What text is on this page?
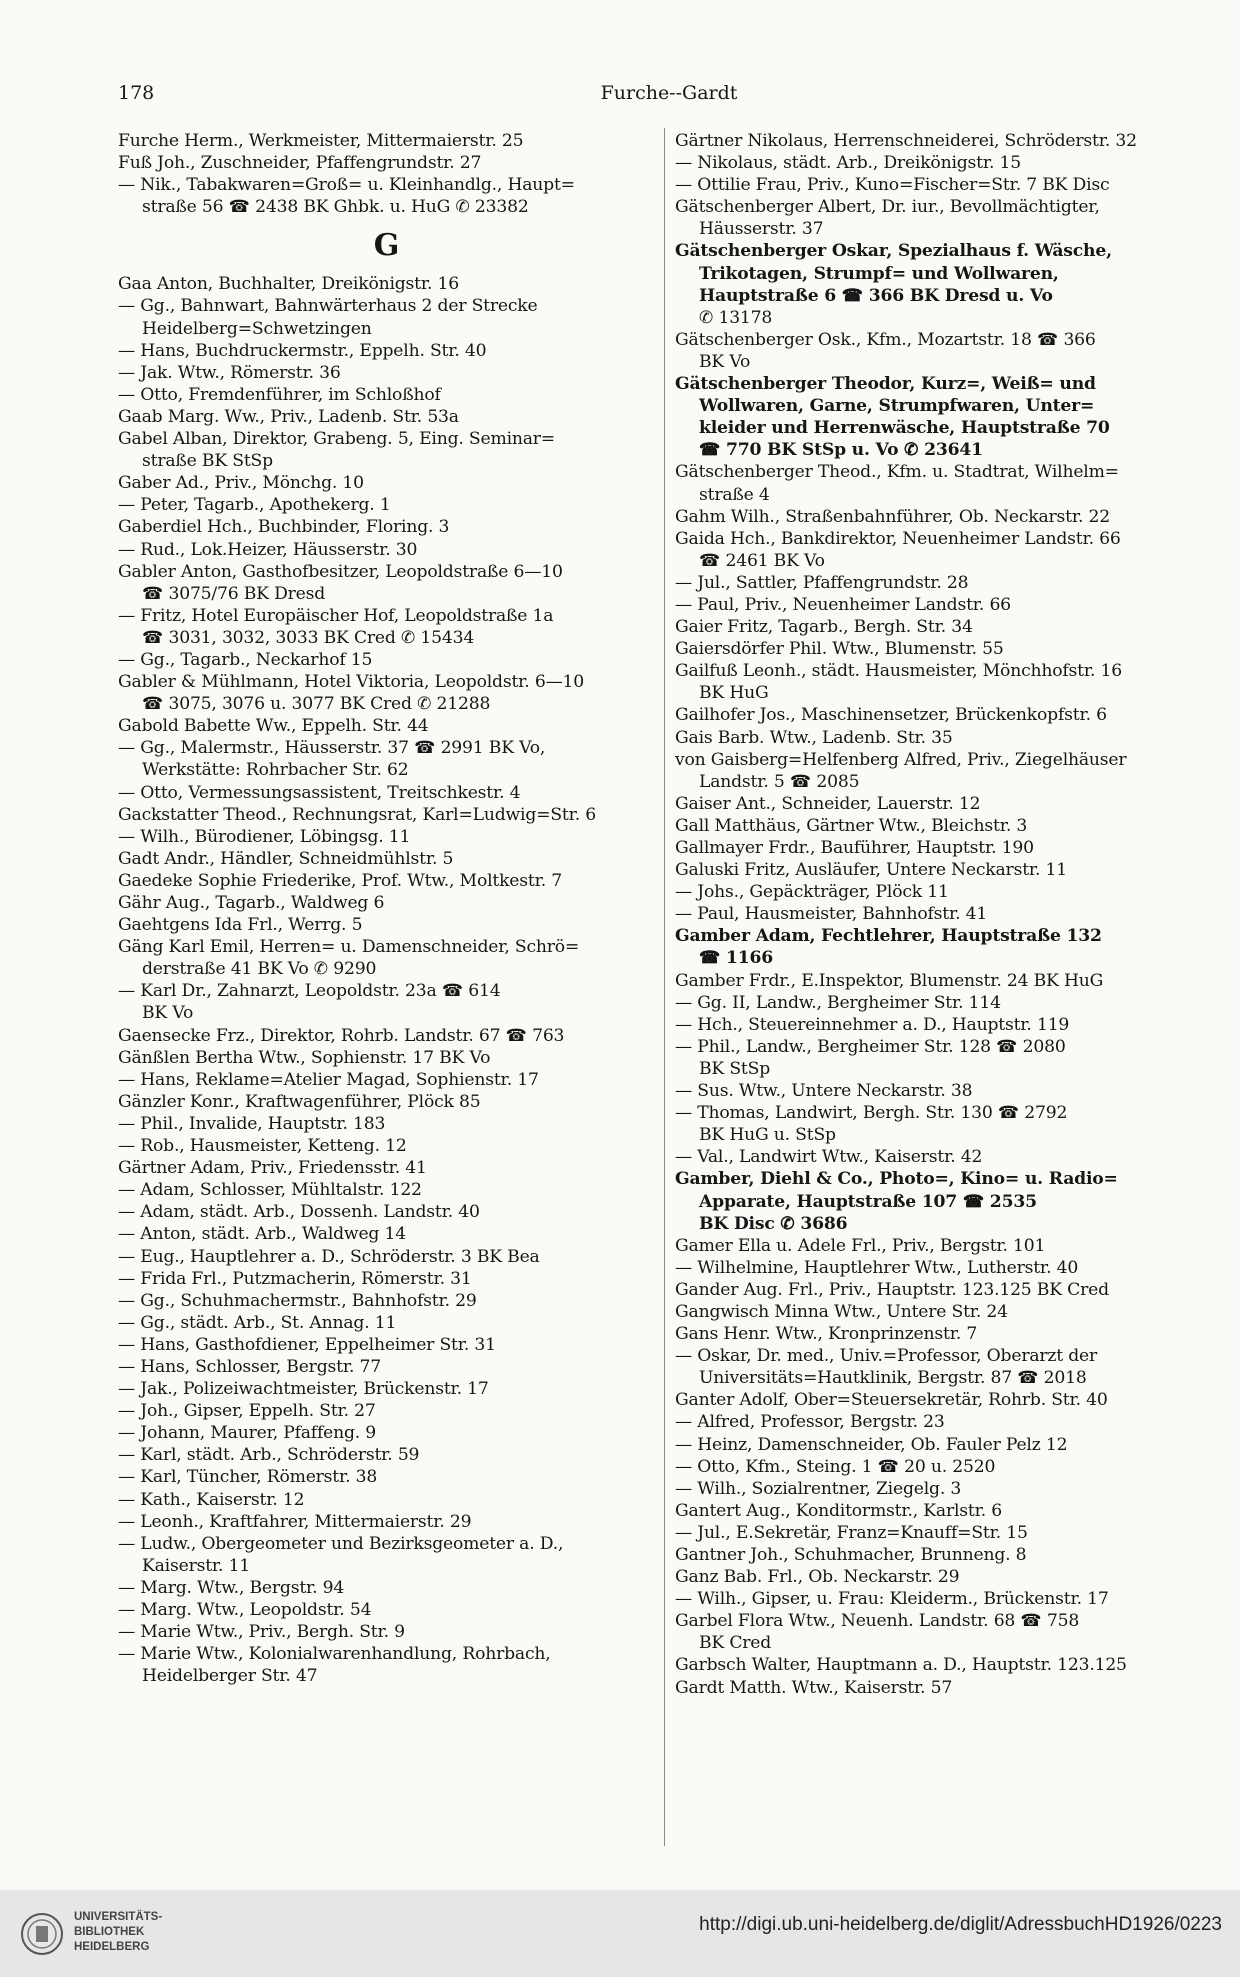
178	Furche--Gardt
Furche Herm., Werkmeister, Mittermaierstr. 25
Fuß Joh., Zuschneider, Pfaffengrundstr. 27
— Nik., Tabakwaren=Groß= u. Kleinhandlg., Haupt=
straße 56 ☎ 2438 BK Ghbk. u. HuG ✆ 23382
G
Gaa Anton, Buchhalter, Dreikönigstr. 16
— Gg., Bahnwart, Bahnwärterhaus 2 der Strecke
Heidelberg=Schwetzingen
— Hans, Buchdruckermstr., Eppelh. Str. 40
— Jak. Wtw., Römerstr. 36
— Otto, Fremdenführer, im Schloßhof
Gaab Marg. Ww., Priv., Ladenb. Str. 53a
Gabel Alban, Direktor, Grabeng. 5, Eing. Seminar=
straße BK StSp
Gaber Ad., Priv., Mönchg. 10
— Peter, Tagarb., Apothekerg. 1
Gaberdiel Hch., Buchbinder, Floring. 3
— Rud., Lok.Heizer, Häusserstr. 30
Gabler Anton, Gasthofbesitzer, Leopoldstraße 6—10
☎ 3075/76 BK Dresd
— Fritz, Hotel Europäischer Hof, Leopoldstraße 1a
☎ 3031, 3032, 3033 BK Cred ✆ 15434
— Gg., Tagarb., Neckarhof 15
Gabler & Mühlmann, Hotel Viktoria, Leopoldstr. 6—10
☎ 3075, 3076 u. 3077 BK Cred ✆ 21288
Gabold Babette Ww., Eppelh. Str. 44
— Gg., Malermstr., Häusserstr. 37 ☎ 2991 BK Vo,
Werkstätte: Rohrbacher Str. 62
— Otto, Vermessungsassistent, Treitschkestr. 4
Gackstatter Theod., Rechnungsrat, Karl=Ludwig=Str. 6
— Wilh., Bürodiener, Löbingsg. 11
Gadt Andr., Händler, Schneidmühlstr. 5
Gaedeke Sophie Friederike, Prof. Wtw., Moltkestr. 7
Gähr Aug., Tagarb., Waldweg 6
Gaehtgens Ida Frl., Werrg. 5
Gäng Karl Emil, Herren= u. Damenschneider, Schrö=
derstraße 41 BK Vo ✆ 9290
— Karl Dr., Zahnarzt, Leopoldstr. 23a ☎ 614
BK Vo
Gaensecke Frz., Direktor, Rohrb. Landstr. 67 ☎ 763
Gänßlen Bertha Wtw., Sophienstr. 17 BK Vo
— Hans, Reklame=Atelier Magad, Sophienstr. 17
Gänzler Konr., Kraftwagenführer, Plöck 85
— Phil., Invalide, Hauptstr. 183
— Rob., Hausmeister, Ketteng. 12
Gärtner Adam, Priv., Friedensstr. 41
— Adam, Schlosser, Mühltalstr. 122
— Adam, städt. Arb., Dossenh. Landstr. 40
— Anton, städt. Arb., Waldweg 14
— Eug., Hauptlehrer a. D., Schröderstr. 3 BK Bea
— Frida Frl., Putzmacherin, Römerstr. 31
— Gg., Schuhmachermstr., Bahnhofstr. 29
— Gg., städt. Arb., St. Annag. 11
— Hans, Gasthofdiener, Eppelheimer Str. 31
— Hans, Schlosser, Bergstr. 77
— Jak., Polizeiwachtmeister, Brückenstr. 17
— Joh., Gipser, Eppelh. Str. 27
— Johann, Maurer, Pfaffeng. 9
— Karl, städt. Arb., Schröderstr. 59
— Karl, Tüncher, Römerstr. 38
— Kath., Kaiserstr. 12
— Leonh., Kraftfahrer, Mittermaierstr. 29
— Ludw., Obergeometer und Bezirksgeometer a. D.,
Kaiserstr. 11
— Marg. Wtw., Bergstr. 94
— Marg. Wtw., Leopoldstr. 54
— Marie Wtw., Priv., Bergh. Str. 9
— Marie Wtw., Kolonialwarenhandlung, Rohrbach,
Heidelberger Str. 47
Gärtner Nikolaus, Herrenschneiderei, Schröderstr. 32
— Nikolaus, städt. Arb., Dreikönigstr. 15
— Ottilie Frau, Priv., Kuno=Fischer=Str. 7 BK Disc
Gätschenberger Albert, Dr. iur., Bevollmächtigter,
Häusserstr. 37
Gätschenberger Oskar, Spezialhaus f. Wäsche,
Trikotagen, Strumpf= und Wollwaren,
Hauptstraße 6 ☎ 366 BK Dresd u. Vo
✆ 13178
Gätschenberger Osk., Kfm., Mozartstr. 18 ☎ 366
BK Vo
Gätschenberger Theodor, Kurz=, Weiß= und
Wollwaren, Garne, Strumpfwaren, Unter=
kleider und Herrenwäsche, Hauptstraße 70
☎ 770 BK StSp u. Vo ✆ 23641
Gätschenberger Theod., Kfm. u. Stadtrat, Wilhelm=
straße 4
Gahm Wilh., Straßenbahnführer, Ob. Neckarstr. 22
Gaida Hch., Bankdirektor, Neuenheimer Landstr. 66
☎ 2461 BK Vo
— Jul., Sattler, Pfaffengrundstr. 28
— Paul, Priv., Neuenheimer Landstr. 66
Gaier Fritz, Tagarb., Bergh. Str. 34
Gaiersdörfer Phil. Wtw., Blumenstr. 55
Gailfuß Leonh., städt. Hausmeister, Mönchhofstr. 16
BK HuG
Gailhofer Jos., Maschinensetzer, Brückenkopfstr. 6
Gais Barb. Wtw., Ladenb. Str. 35
von Gaisberg=Helfenberg Alfred, Priv., Ziegelhäuser
Landstr. 5 ☎ 2085
Gaiser Ant., Schneider, Lauerstr. 12
Gall Matthäus, Gärtner Wtw., Bleichstr. 3
Gallmayer Frdr., Bauführer, Hauptstr. 190
Galuski Fritz, Ausläufer, Untere Neckarstr. 11
— Johs., Gepäckträger, Plöck 11
— Paul, Hausmeister, Bahnhofstr. 41
Gamber Adam, Fechtlehrer, Hauptstraße 132
☎ 1166
Gamber Frdr., E.Inspektor, Blumenstr. 24 BK HuG
— Gg. II, Landw., Bergheimer Str. 114
— Hch., Steuereinnehmer a. D., Hauptstr. 119
— Phil., Landw., Bergheimer Str. 128 ☎ 2080
BK StSp
— Sus. Wtw., Untere Neckarstr. 38
— Thomas, Landwirt, Bergh. Str. 130 ☎ 2792
BK HuG u. StSp
— Val., Landwirt Wtw., Kaiserstr. 42
Gamber, Diehl & Co., Photo=, Kino= u. Radio=
Apparate, Hauptstraße 107 ☎ 2535
BK Disc ✆ 3686
Gamer Ella u. Adele Frl., Priv., Bergstr. 101
— Wilhelmine, Hauptlehrer Wtw., Lutherstr. 40
Gander Aug. Frl., Priv., Hauptstr. 123.125 BK Cred
Gangwisch Minna Wtw., Untere Str. 24
Gans Henr. Wtw., Kronprinzenstr. 7
— Oskar, Dr. med., Univ.=Professor, Oberarzt der
Universitäts=Hautklinik, Bergstr. 87 ☎ 2018
Ganter Adolf, Ober=Steuersekretär, Rohrb. Str. 40
— Alfred, Professor, Bergstr. 23
— Heinz, Damenschneider, Ob. Fauler Pelz 12
— Otto, Kfm., Steing. 1 ☎ 20 u. 2520
— Wilh., Sozialrentner, Ziegelg. 3
Gantert Aug., Konditormstr., Karlstr. 6
— Jul., E.Sekretär, Franz=Knauff=Str. 15
Gantner Joh., Schuhmacher, Brunneng. 8
Ganz Bab. Frl., Ob. Neckarstr. 29
— Wilh., Gipser, u. Frau: Kleiderm., Brückenstr. 17
Garbel Flora Wtw., Neuenh. Landstr. 68 ☎ 758
BK Cred
Garbsch Walter, Hauptmann a. D., Hauptstr. 123.125
Gardt Matth. Wtw., Kaiserstr. 57
UNIVERSITÄTS-
BIBLIOTHEK
HEIDELBERG
http://digi.ub.uni-heidelberg.de/diglit/AdressbuchHD1926/0223
